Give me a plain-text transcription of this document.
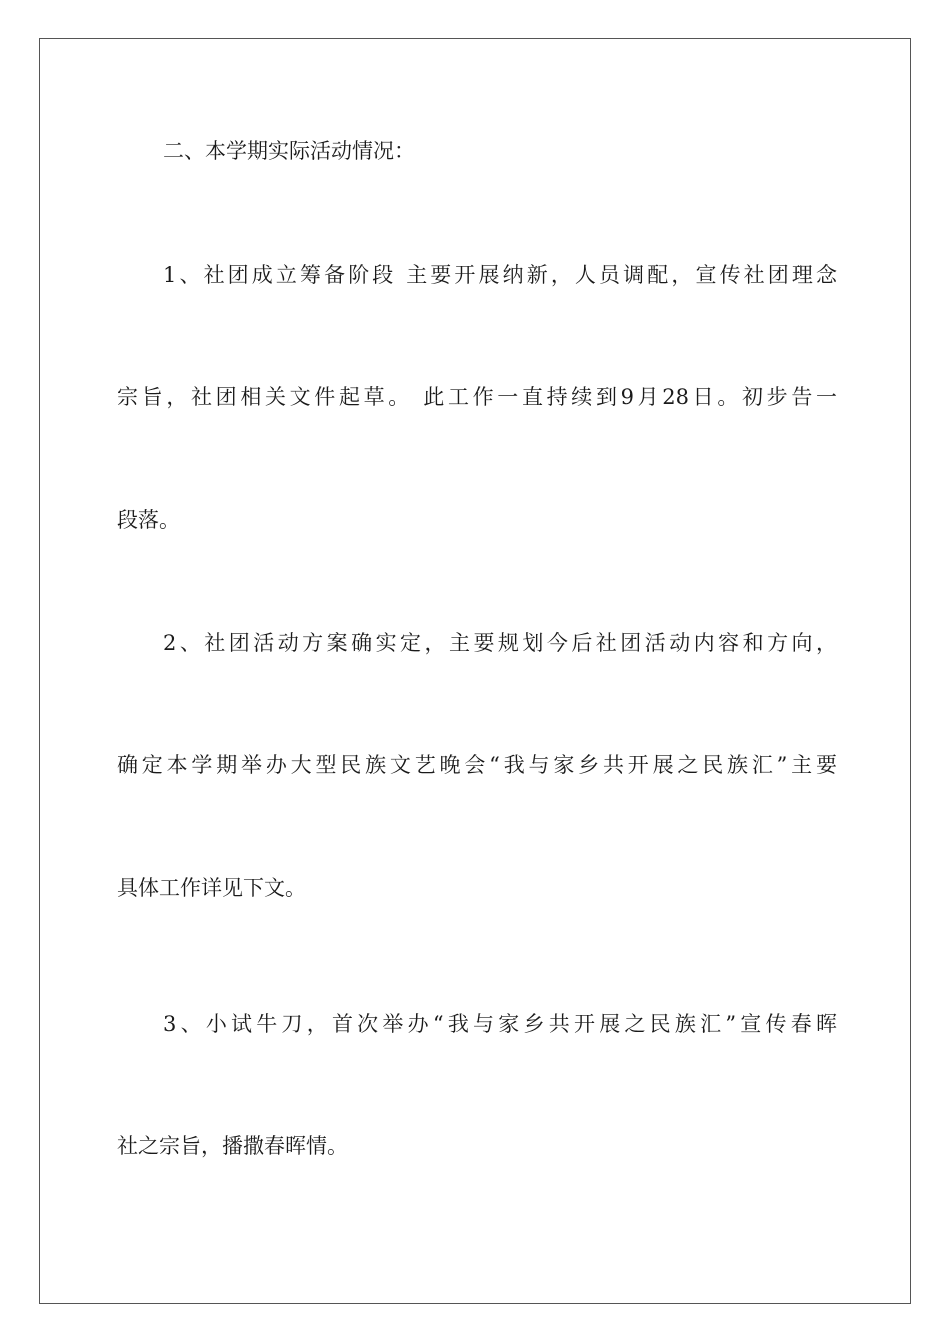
二、本学期实际活动情况：
1、社团成立筹备阶段 主要开展纳新，人员调配，宣传社团理念
宗旨，社团相关文件起草。 此工作一直持续到9月28日。初步告一
段落。
2、社团活动方案确实定，主要规划今后社团活动内容和方向，
确定本学期举办大型民族文艺晚会“我与家乡共开展之民族汇”主要
具体工作详见下文。
3、小试牛刀，首次举办“我与家乡共开展之民族汇”宣传春晖
社之宗旨，播撒春晖情。
